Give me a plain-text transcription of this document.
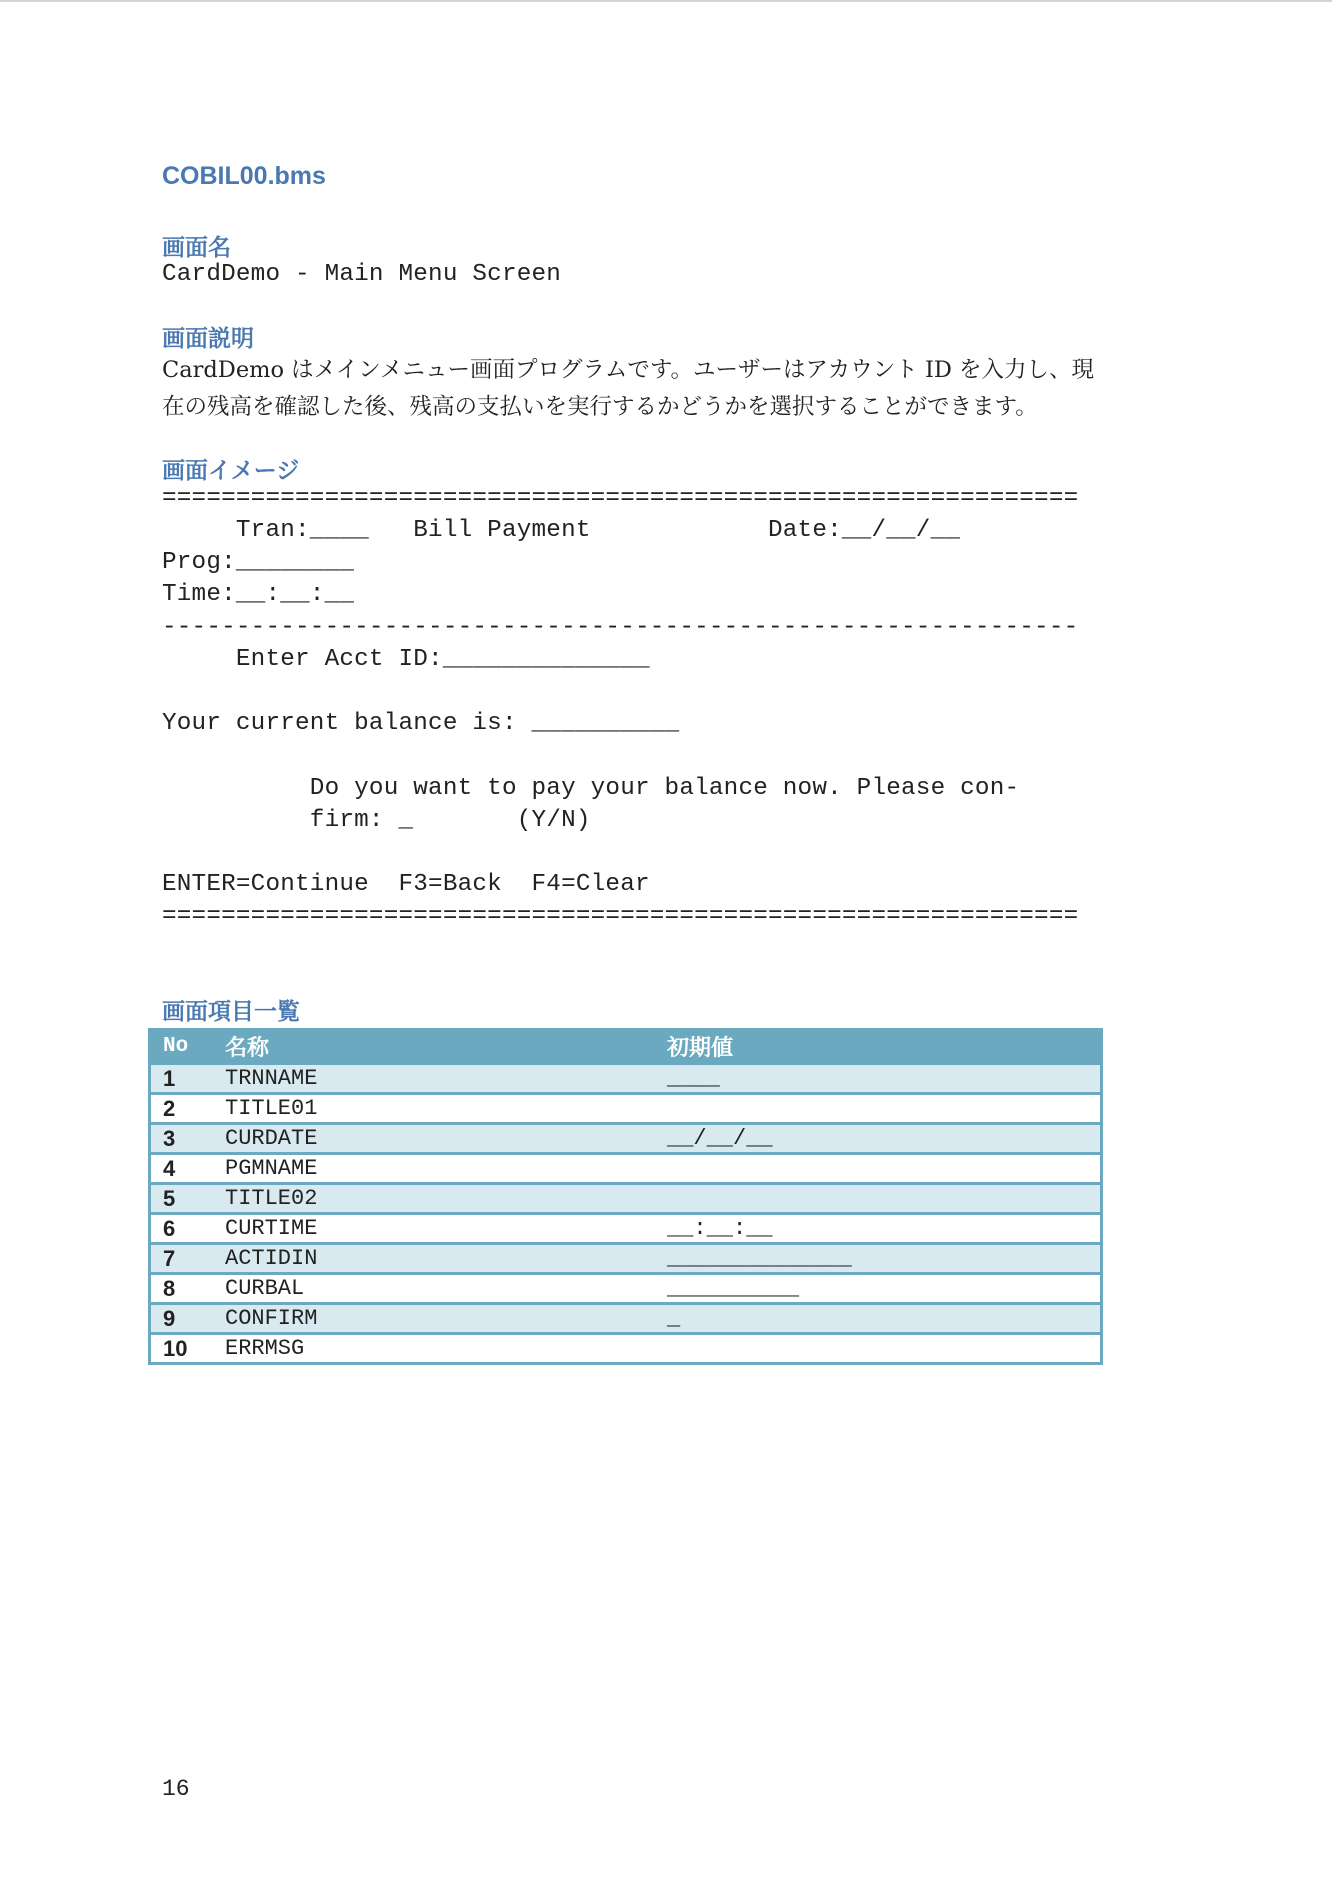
COBIL00.bms
画面名
CardDemo - Main Menu Screen
画面説明
CardDemo はメインメニュー画面プログラムです。ユーザーはアカウント ID を入力し、現
在の残高を確認した後、残高の支払いを実行するかどうかを選択することができます。
画面イメージ
==============================================================
Tran:____   Bill Payment            Date:__/__/__
Prog:________
Time:__:__:__
--------------------------------------------------------------
Enter Acct ID:______________
Your current balance is: __________
Do you want to pay your balance now. Please con-
firm: _       (Y/N)
ENTER=Continue  F3=Back  F4=Clear
==============================================================
画面項目一覧
No	名称	初期値
1	TRNNAME	____
2	TITLE01	
3	CURDATE	__/__/__
4	PGMNAME	
5	TITLE02	
6	CURTIME	__:__:__
7	ACTIDIN	______________
8	CURBAL	__________
9	CONFIRM	_
10	ERRMSG	
16
